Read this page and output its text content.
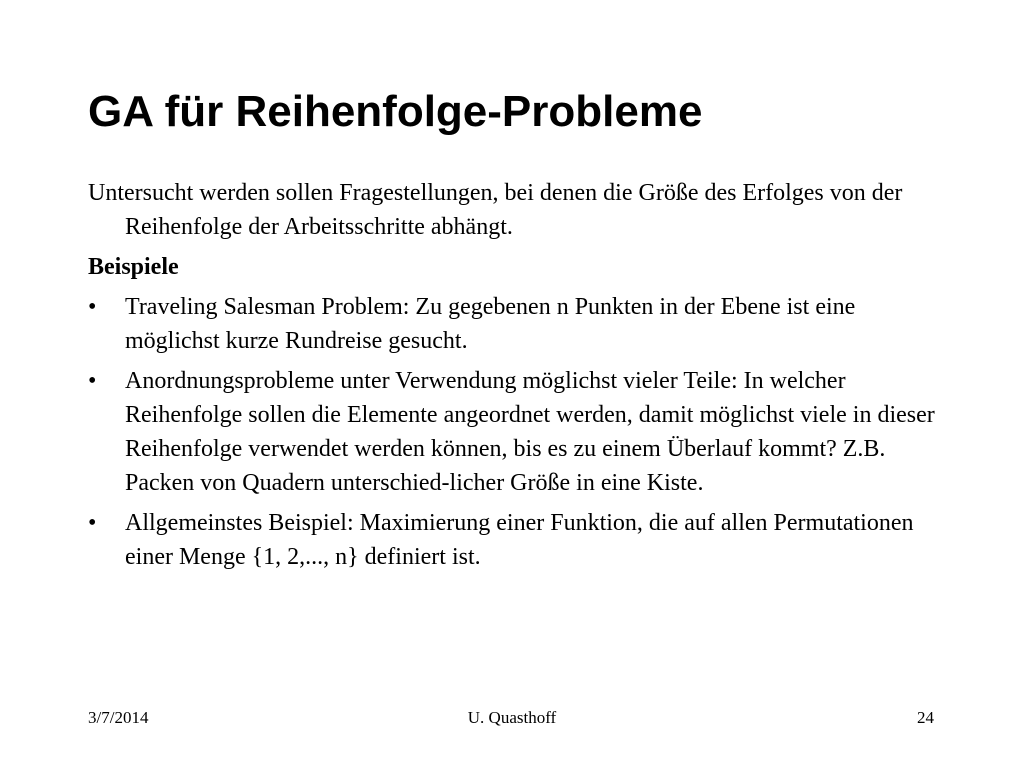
GA für Reihenfolge-Probleme

Untersucht werden sollen Fragestellungen, bei denen die Größe des Erfolges von der Reihenfolge der Arbeitsschritte abhängt.

Beispiele

• Traveling Salesman Problem: Zu gegebenen n Punkten in der Ebene ist eine möglichst kurze Rundreise gesucht.
• Anordnungsprobleme unter Verwendung möglichst vieler Teile: In welcher Reihenfolge sollen die Elemente angeordnet werden, damit möglichst viele in dieser Reihenfolge verwendet werden können, bis es zu einem Überlauf kommt? Z.B. Packen von Quadern unterschied-licher Größe in eine Kiste.
• Allgemeinstes Beispiel: Maximierung einer Funktion, die auf allen Permutationen einer Menge {1, 2,..., n} definiert ist.
3/7/2014	U. Quasthoff	24
